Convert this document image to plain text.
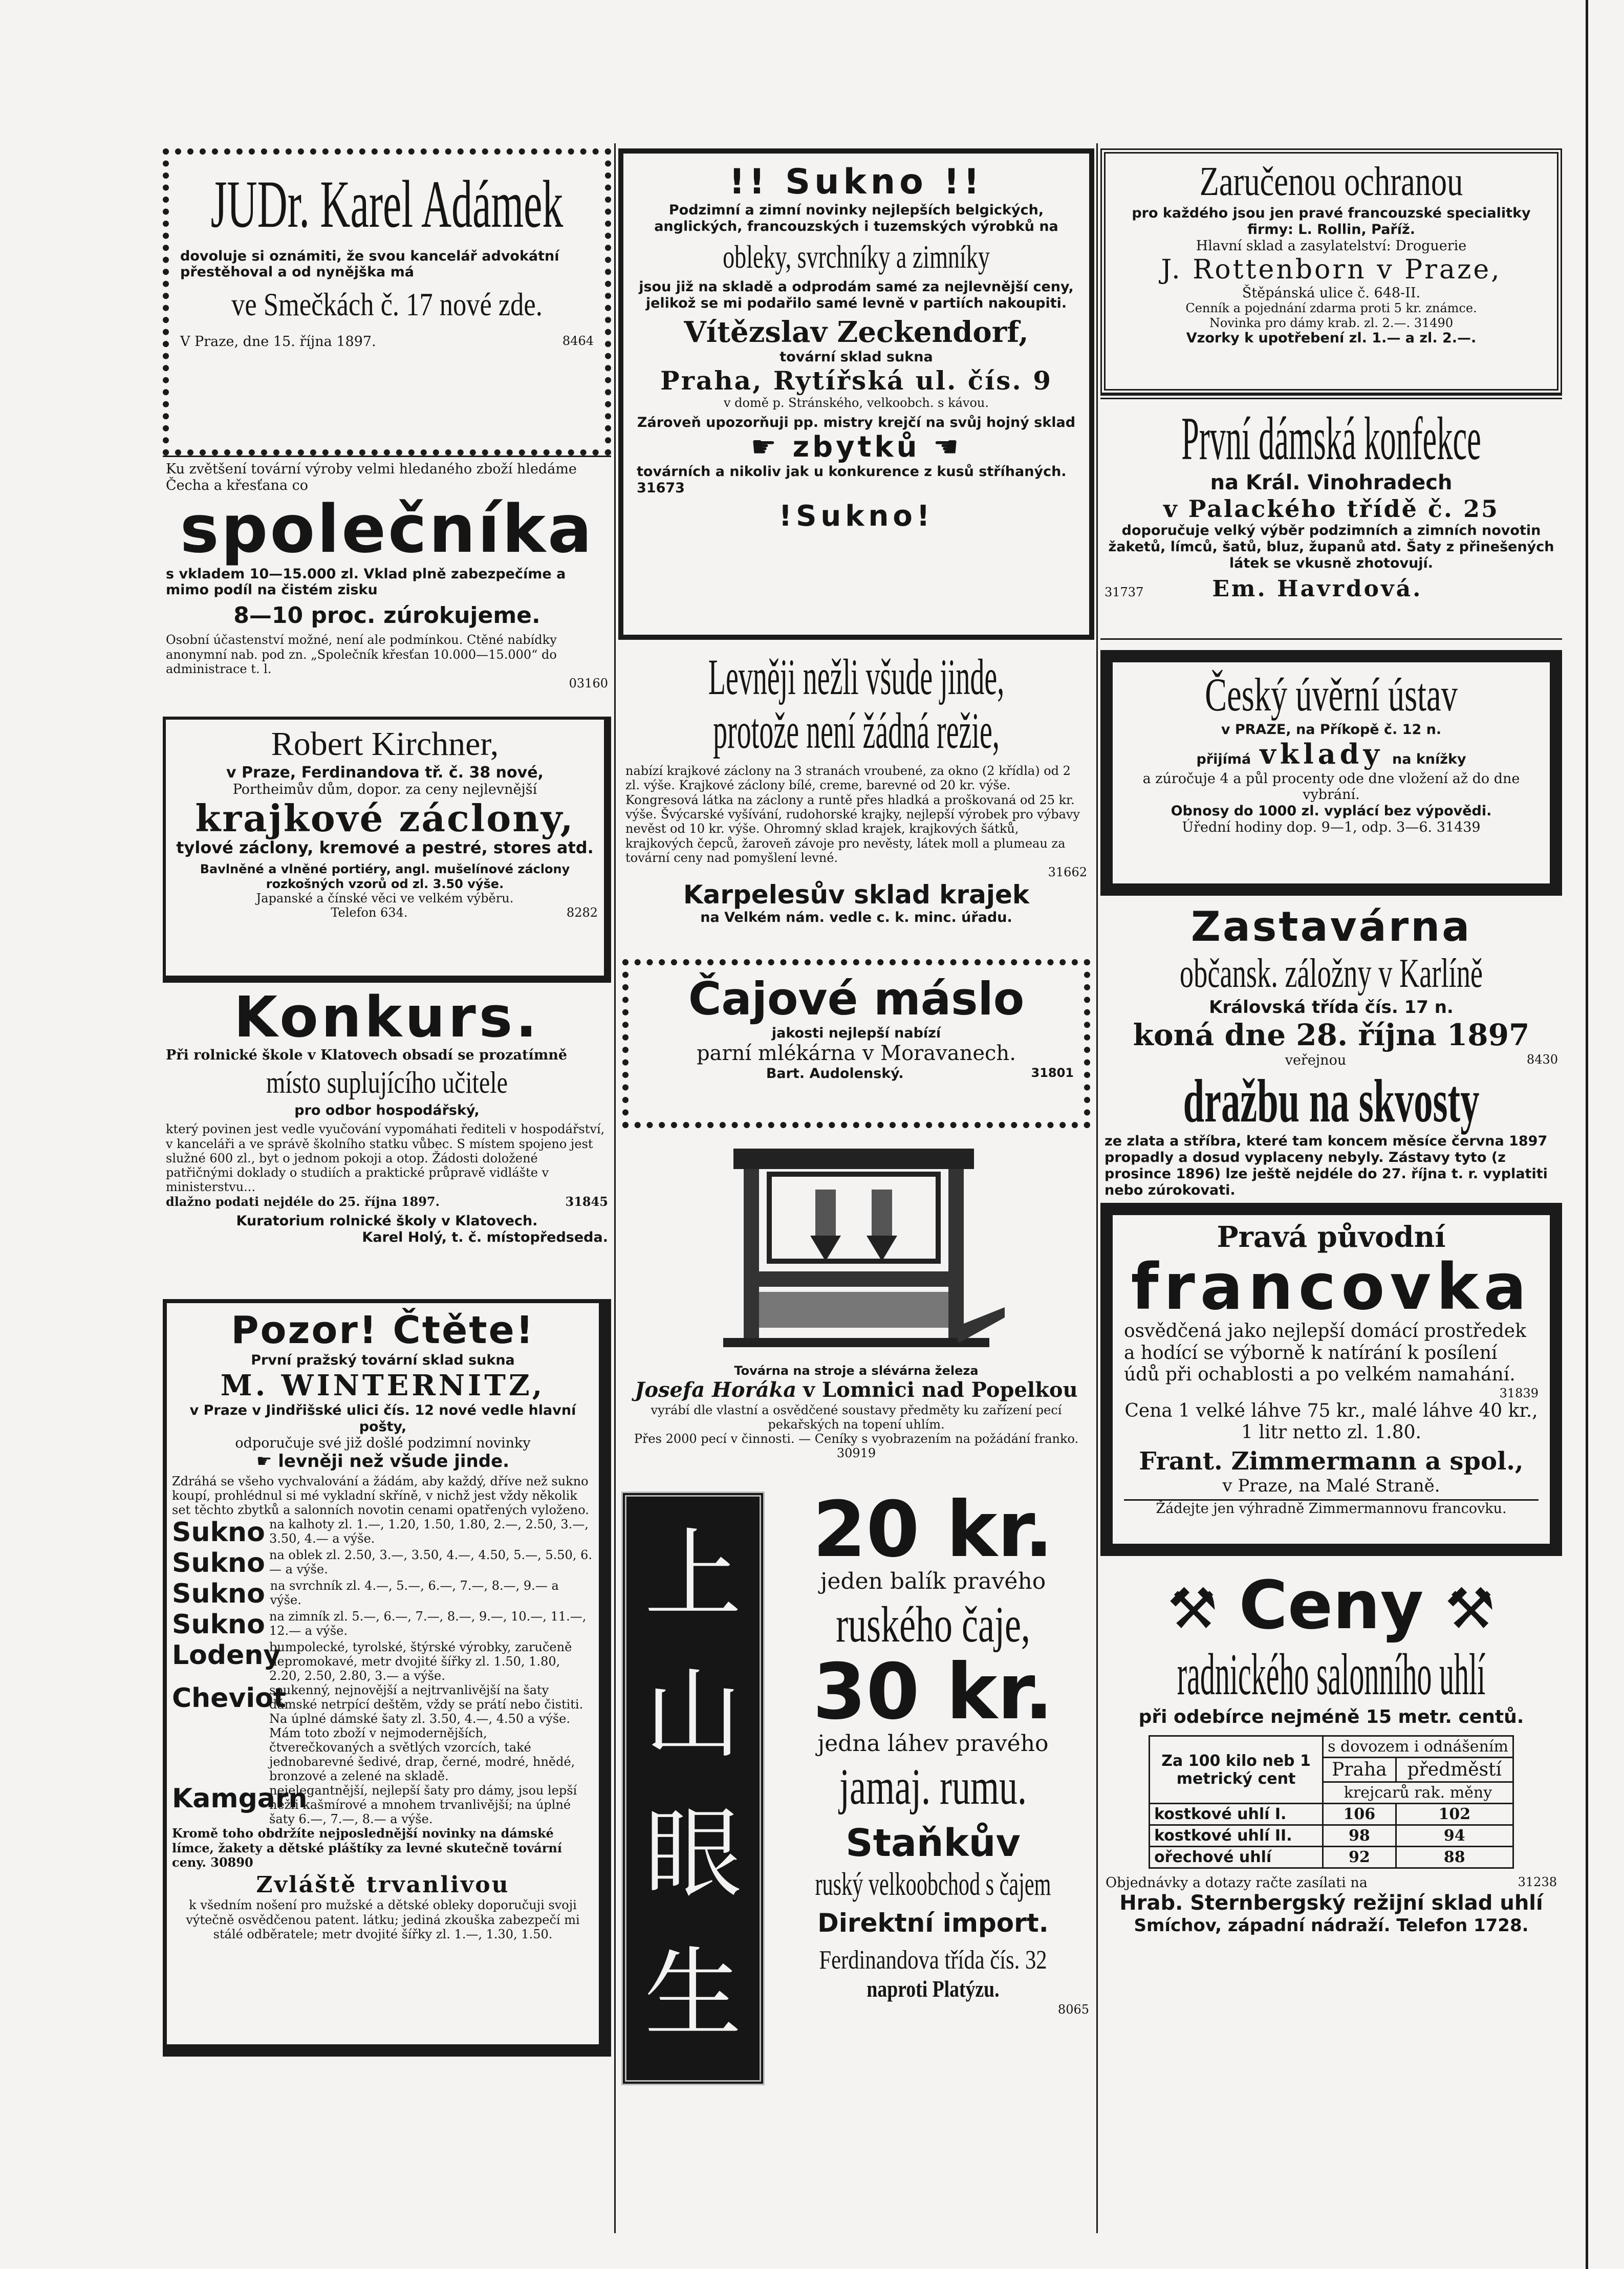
JUDr. Karel Adámek

dovoluje si oznámiti, že svou kancelář advokátní přestěhoval a od nynějška má

ve Smečkách č. 17 nové zde.

V Praze, dne 15. října 1897.	8464

Ku zvětšení tovární výroby velmi hledaného zboží hledáme Čecha a křesťana co

společníka

s vkladem 10—15.000 zl. Vklad plně zabezpečíme a mimo podíl na čistém zisku

8—10 proc. zúrokujeme.

Osobní účastenství možné, není ale podmínkou. Ctěné nabídky anonymní nab. pod zn. „Společník křesťan 10.000—15.000“ do administrace t. l.

03160

Robert Kirchner,

v Praze, Ferdinandova tř. č. 38 nové,

Portheimův dům, dopor. za ceny nejlevnější

krajkové záclony,

tylové záclony, kremové a pestré, stores atd.

Bavlněné a vlněné portiéry, angl. mušelínové záclony rozkošných vzorů od zl. 3.50 výše.

Japanské a čínské věci ve velkém výběru.

Telefon 634.	8282

Konkurs.

Při rolnické škole v Klatovech obsadí se prozatímně

místo suplujícího učitele

pro odbor hospodářský,

který povinen jest vedle vyučování vypomáhati řediteli v hospodářství, v kanceláři a ve správě školního statku vůbec. S místem spojeno jest služné 600 zl., byt o jednom pokoji a otop. Žádosti doložené patřičnými doklady o studiích a praktické průpravě vidlášte v ministerstvu...

dlažno podati nejdéle do 25. října 1897.	31845

Kuratorium rolnické školy v Klatovech.

Karel Holý, t. č. místopředseda.

Pozor! Čtěte!

První pražský tovární sklad sukna

M. WINTERNITZ,

v Praze v Jindřišské ulici čís. 12 nové vedle hlavní pošty,

odporučuje své již došlé podzimní novinky

☛ levněji než všude jinde.

Zdráhá se všeho vychvalování a žádám, aby každý, dříve než sukno koupí, prohlédnul si mé vykladní skříně, v nichž jest vždy několik set těchto zbytků a salonních novotin cenami opatřených vyloženo.

Sukno na kalhoty zl. 1.—, 1.20, 1.50, 1.80, 2.—, 2.50, 3.—, 3.50, 4.— a výše.
Sukno na oblek zl. 2.50, 3.—, 3.50, 4.—, 4.50, 5.—, 5.50, 6.— a výše.
Sukno na svrchník zl. 4.—, 5.—, 6.—, 7.—, 8.—, 9.— a výše.
Sukno na zimník zl. 5.—, 6.—, 7.—, 8.—, 9.—, 10.—, 11.—, 12.— a výše.
Lodeny
bumpolecké, tyrolské, štýrské výrobky, zaručeně nepromokavé, metr dvojité šířky zl. 1.50, 1.80, 2.20, 2.50, 2.80, 3.— a výše.
Cheviot
soukenný, nejnovější a nejtrvanlivější na šaty dámské netrpící deštěm, vždy se prátí nebo čistiti. Na úplné dámské šaty zl. 3.50, 4.—, 4.50 a výše. Mám toto zboží v nejmodernějších, čtverečkovaných a světlých vzorcích, také jednobarevné šedivé, drap, černé, modré, hnědé, bronzové a zelené na skladě.
Kamgarn
nejelegantnější, nejlepší šaty pro dámy, jsou lepší nežli kašmírové a mnohem trvanlivější; na úplné šaty 6.—, 7.—, 8.— a výše.

Kromě toho obdržíte nejposlednější novinky na dámské límce, žakety a dětské pláštíky za levné skutečně tovární ceny. 30890

Zvláště trvanlivou

k všedním nošení pro mužské a dětské obleky doporučuji svoji výtečně osvědčenou patent. látku; jediná zkouška zabezpečí mi stálé odběratele; metr dvojité šířky zl. 1.—, 1.30, 1.50.

!! Sukno !!

Podzimní a zimní novinky nejlepších belgických, anglických, francouzských i tuzemských výrobků na

obleky, svrchníky a zimníky

jsou již na skladě a odprodám samé za nejlevnější ceny, jelikož se mi podařilo samé levně v partiích nakoupiti.

Vítězslav Zeckendorf,

tovární sklad sukna

Praha, Rytířská ul. čís. 9

v domě p. Stránského, velkoobch. s kávou.

Zároveň upozorňuji pp. mistry krejčí na svůj hojný sklad

☛ zbytků ☚

továrních a nikoliv jak u konkurence z kusů stříhaných. 31673

!Sukno!
Levněji nežli všude jinde,
protože není žádná režie,

nabízí krajkové záclony na 3 stranách vroubené, za okno (2 křídla) od 2 zl. výše. Krajkové záclony bílé, creme, barevné od 20 kr. výše. Kongresová látka na záclony a runtě přes hladká a proškovaná od 25 kr. výše. Švýcarské vyšívání, rudohorské krajky, nejlepší výrobek pro výbavy nevěst od 10 kr. výše. Ohromný sklad krajek, krajkových šátků, krajkových čepců, žaroveň závoje pro nevěsty, látek moll a plumeau za tovární ceny nad pomyšlení levné.

31662

Karpelesův sklad krajek

na Velkém nám. vedle c. k. minc. úřadu.

Čajové máslo

jakosti nejlepší nabízí

parní mlékárna v Moravanech.

Bart. Audolenský.	31801

Továrna na stroje a slévárna železa

Josefa Horáka v Lomnici nad Popelkou

vyrábí dle vlastní a osvědčené soustavy předměty ku zařízení pecí pekařských na topení uhlím.

Přes 2000 pecí v činnosti. — Ceníky s vyobrazením na požádání franko. 30919

上
山
眼
生
小
20 kr.

jeden balík pravého

ruského čaje,
30 kr.

jedna láhev pravého

jamaj. rumu.
Staňkův
ruský velkoobchod s čajem
Direktní import.
Ferdinandova třída čís. 32
naproti Platýzu.

8065

Zaručenou ochranou

pro každého jsou jen pravé francouzské specialitky firmy: L. Rollin, Paříž.

Hlavní sklad a zasylatelství: Droguerie

J. Rottenborn v Praze,

Štěpánská ulice č. 648-II.

Cenník a pojednání zdarma proti 5 kr. známce.

Novinka pro dámy krab. zl. 2.—. 31490

Vzorky k upotřebení zl. 1.— a zl. 2.—.

První dámská konfekce

na Král. Vinohradech

v Palackého třídě č. 25

doporučuje velký výběr podzimních a zimních novotin žaketů, límců, šatů, bluz, županů atd. Šaty z přinešených látek se vkusně zhotovují.

31737	Em. Havrdová.

Český úvěrní ústav

v PRAZE, na Příkopě č. 12 n.

přijímá vklady na knížky

a zúročuje 4 a půl procenty ode dne vložení až do dne vybrání.

Obnosy do 1000 zl. vyplácí bez výpovědi.

Úřední hodiny dop. 9—1, odp. 3—6. 31439

Zastavárna
občansk. záložny v Karlíně

Královská třída čís. 17 n.

koná dne 28. října 1897

veřejnou	8430

dražbu na skvosty

ze zlata a stříbra, které tam koncem měsíce června 1897 propadly a dosud vyplaceny nebyly. Zástavy tyto (z prosince 1896) lze ještě nejdéle do 27. října t. r. vyplatiti nebo zúrokovati.

Pravá původní
francovka

osvědčená jako nejlepší domácí prostředek a hodící se výborně k natírání k posílení údů při ochablosti a po velkém namahání.

31839

Cena 1 velké láhve 75 kr., malé láhve 40 kr., 1 litr netto zl. 1.80.

Frant. Zimmermann a spol.,

v Praze, na Malé Straně.

Žádejte jen výhradně Zimmermannovu francovku.

⚒ Ceny ⚒
radnického salonního uhlí

při odebírce nejméně 15 metr. centů.

Za 100 kilo neb 1 metrický cent	s dovozem i odnášením	
	Praha	předměstí
	krejcarů rak. měny	
kostkové uhlí I.	106	102
kostkové uhlí II.	98	94
ořechové uhlí	92	88

Objednávky a dotazy račte zasílati na	31238

Hrab. Sternbergský režijní sklad uhlí

Smíchov, západní nádraží. Telefon 1728.
